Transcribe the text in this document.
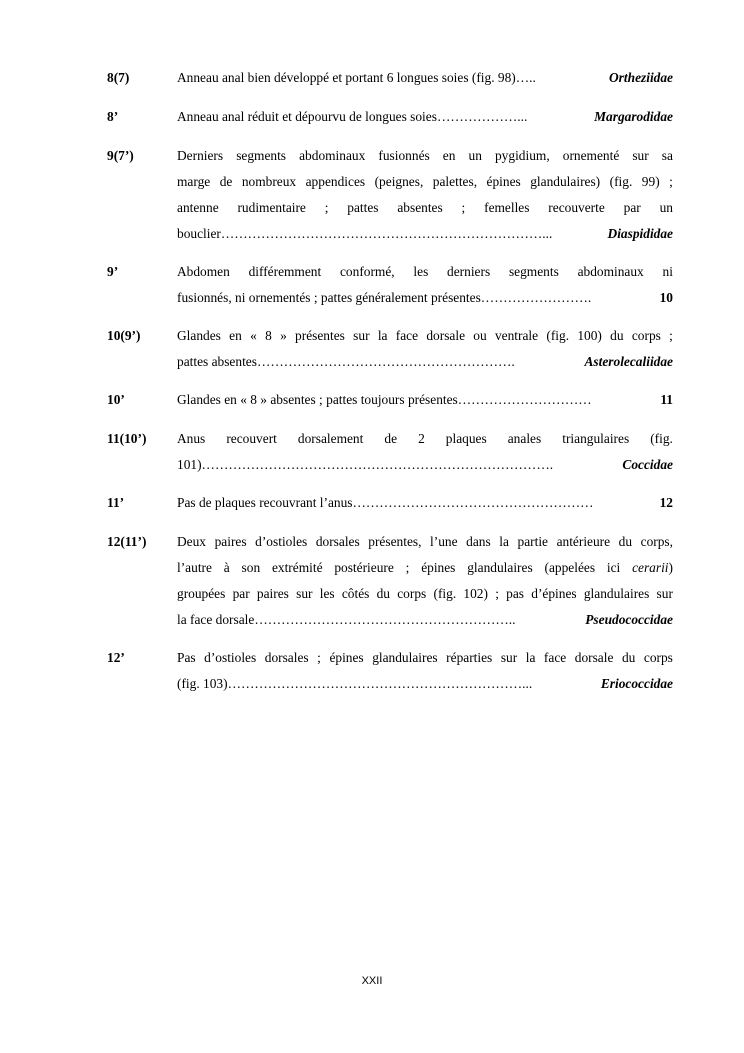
8(7)	Anneau anal bien développé et portant 6 longues soies (fig. 98) …..	Ortheziidae
8’	Anneau anal réduit et dépourvu de longues soies ………………...	Margarodidae
9(7’)	Derniers segments abdominaux fusionnés en un pygidium, ornementé sur sa
marge de nombreux appendices (peignes, palettes, épines glandulaires) (fig. 99) ;
antenne rudimentaire ; pattes absentes ; femelles recouverte par un
bouclier ………………………………………………………………...	Diaspididae
9’	Abdomen différemment conformé, les derniers segments abdominaux ni
fusionnés, ni ornementés ; pattes généralement présentes …………………….	10
10(9’)	Glandes en « 8 » présentes sur la face dorsale ou ventrale (fig. 100) du corps ;
pattes absentes ………………………………………………….	Asterolecaliidae
10’	Glandes en « 8 » absentes ; pattes toujours présentes …………………………	11
11(10’) Anus recouvert dorsalement de 2 plaques anales triangulaires (fig.
101) …………………………………………………………………….	Coccidae
11’	Pas de plaques recouvrant l’anus ………………………………………………	12
12(11’) Deux paires d’ostioles dorsales présentes, l’une dans la partie antérieure du corps,
l’autre à son extrémité postérieure ; épines glandulaires (appelées ici cerarii)
groupées par paires sur les côtés du corps (fig. 102) ; pas d’épines glandulaires sur
la face dorsale …………………………………………………..	Pseudococcidae
12’	Pas d’ostioles dorsales ; épines glandulaires réparties sur la face dorsale du corps
(fig. 103) …………………………………………………………...	Eriococcidae
XXII
